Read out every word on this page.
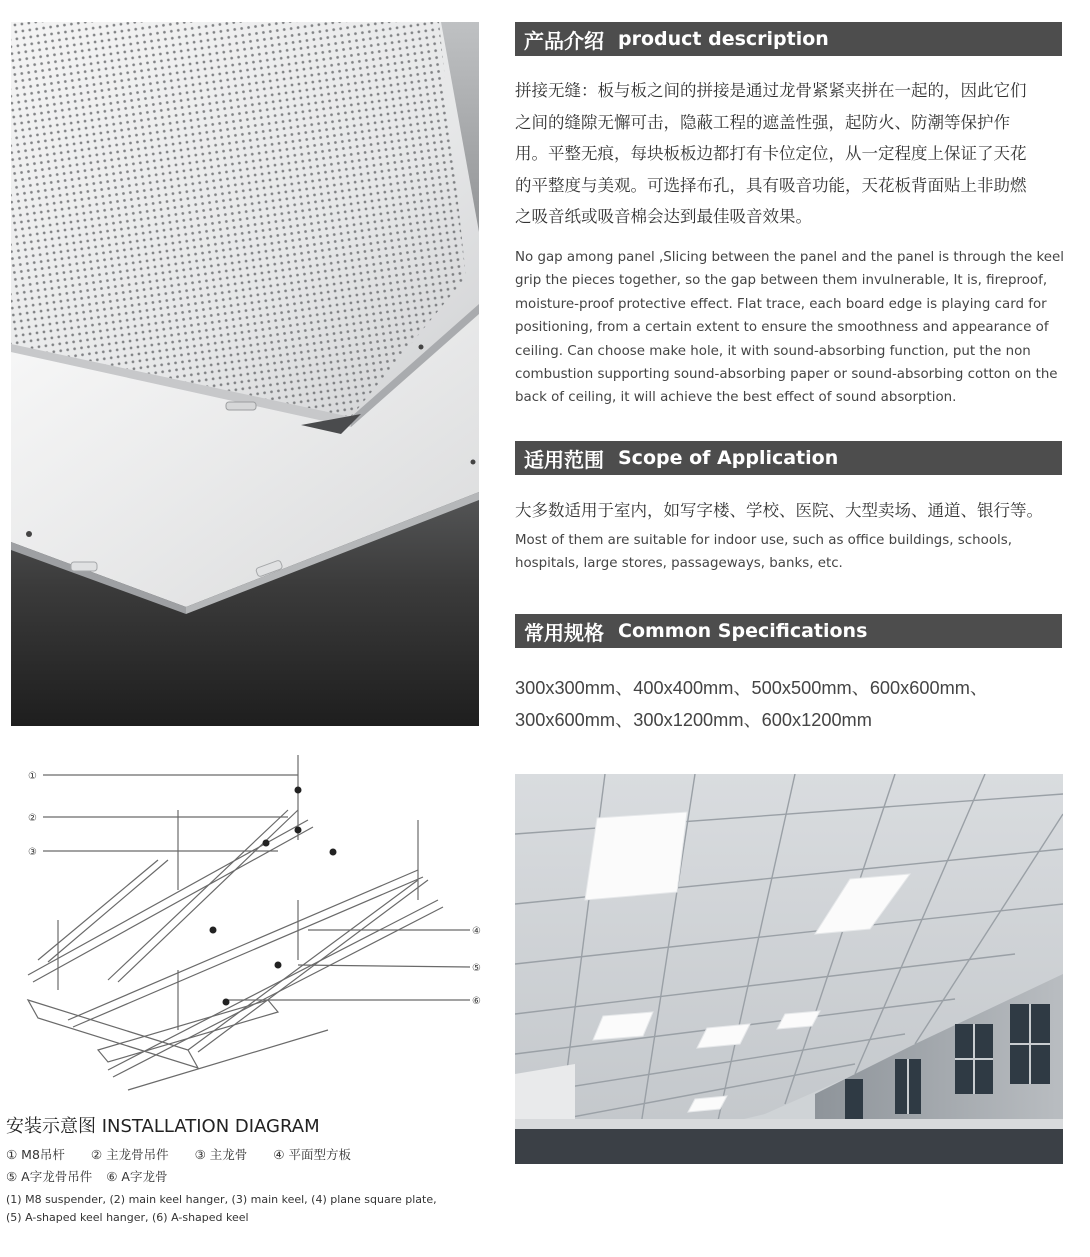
①
②
③
④
⑤
⑥
安装示意图 INSTALLATION DIAGRAM
① M8吊杆 ② 主龙骨吊件 ③ 主龙骨 ④ 平面型方板
⑤ A字龙骨吊件 ⑥ A字龙骨
(1) M8 suspender, (2) main keel hanger, (3) main keel, (4) plane square plate,
(5) A-shaped keel hanger, (6) A-shaped keel
产品介绍 product description
拼接无缝：板与板之间的拼接是通过龙骨紧紧夹拼在一起的，因此它们
之间的缝隙无懈可击，隐蔽工程的遮盖性强，起防火、防潮等保护作
用。平整无痕，每块板板边都打有卡位定位，从一定程度上保证了天花
的平整度与美观。可选择布孔，具有吸音功能，天花板背面贴上非助燃
之吸音纸或吸音棉会达到最佳吸音效果。
No gap among panel ,Slicing between the panel and the panel is through the keel
grip the pieces together, so the gap between them invulnerable, It is, fireproof,
moisture-proof protective effect. Flat trace, each board edge is playing card for
positioning, from a certain extent to ensure the smoothness and appearance of
ceiling. Can choose make hole, it with sound-absorbing function, put the non
combustion supporting sound-absorbing paper or sound-absorbing cotton on the
back of ceiling, it will achieve the best effect of sound absorption.
适用范围 Scope of Application
大多数适用于室内，如写字楼、学校、医院、大型卖场、通道、银行等。
Most of them are suitable for indoor use, such as office buildings, schools,
hospitals, large stores, passageways, banks, etc.
常用规格 Common Specifications
300x300mm、400x400mm、500x500mm、600x600mm、
300x600mm、300x1200mm、600x1200mm
